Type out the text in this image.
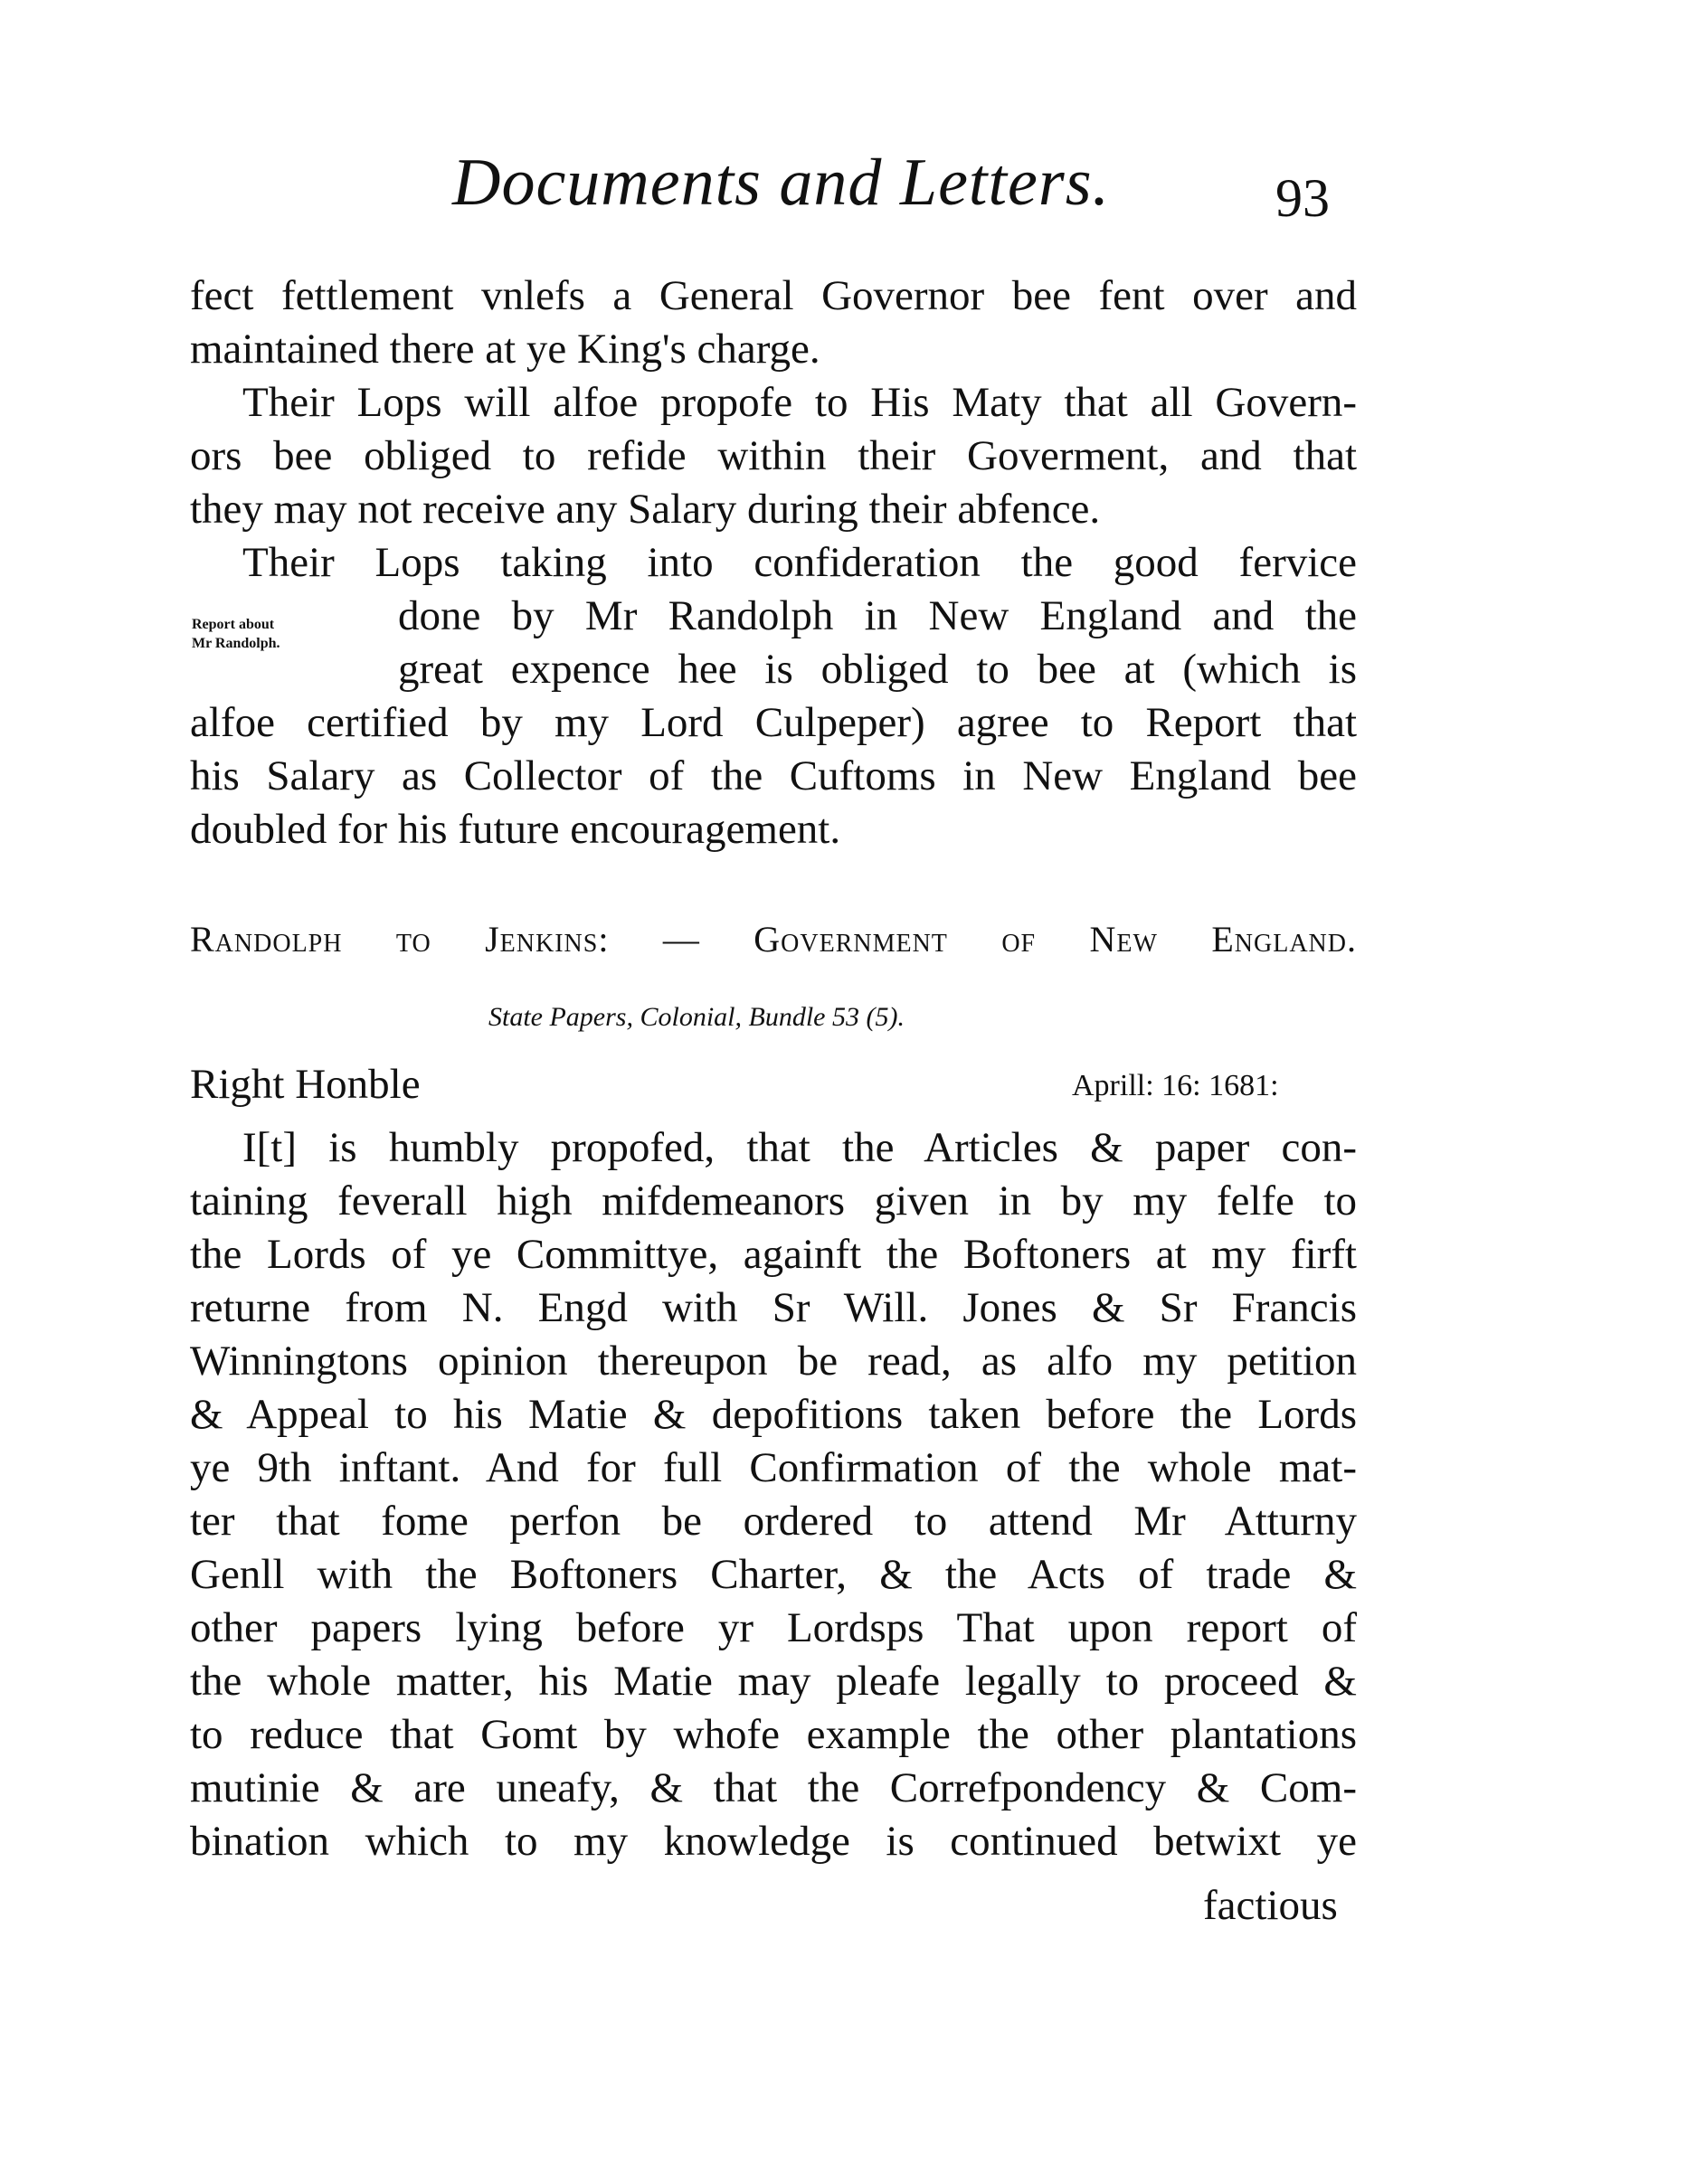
Documents and Letters.	93
fect fettlement vnlefs a General Governor bee fent over and
maintained there at ye King's charge.
Their Lops will alfoe propofe to His Maty that all Govern-
ors bee obliged to refide within their Goverment, and that
they may not receive any Salary during their abfence.
Report about
Mr Randolph.
Their Lops taking into confideration the good fervice
done by Mr Randolph in New England and the
great expence hee is obliged to bee at (which is
alfoe certified by my Lord Culpeper) agree to Report that
his Salary as Collector of the Cuftoms in New England bee
doubled for his future encouragement.
Randolph to Jenkins: — Government of New England.
State Papers, Colonial, Bundle 53 (5).
Right Honble	Aprill: 16: 1681:
I[t] is humbly propofed, that the Articles & paper con-
taining feverall high mifdemeanors given in by my felfe to
the Lords of ye Committye, againft the Boftoners at my firft
returne from N. Engd with Sr Will. Jones & Sr Francis
Winningtons opinion thereupon be read, as alfo my petition
& Appeal to his Matie & depofitions taken before the Lords
ye 9th inftant. And for full Confirmation of the whole mat-
ter that fome perfon be ordered to attend Mr Atturny
Genll with the Boftoners Charter, & the Acts of trade &
other papers lying before yr Lordsps That upon report of
the whole matter, his Matie may pleafe legally to proceed &
to reduce that Gomt by whofe example the other plantations
mutinie & are uneafy, & that the Correfpondency & Com-
bination which to my knowledge is continued betwixt ye
factious
